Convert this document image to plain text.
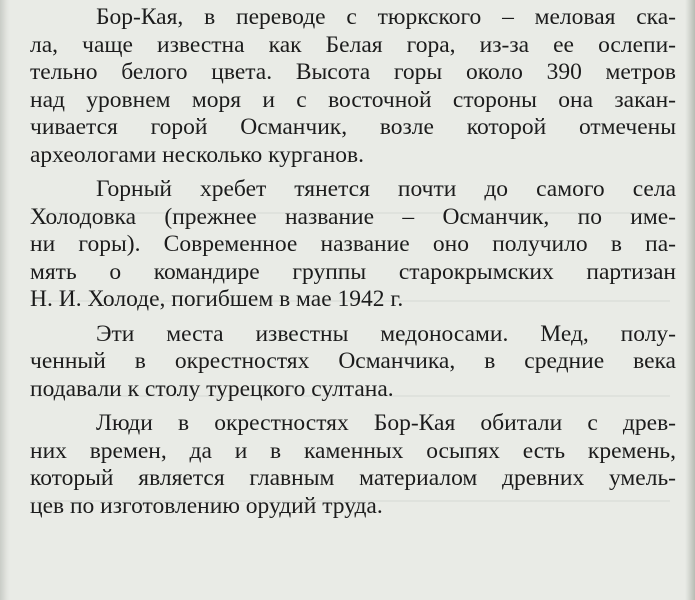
Бор-Кая, в переводе с тюркского – меловая ска-
ла, чаще известна как Белая гора, из-за ее ослепи-
тельно белого цвета. Высота горы около 390 метров
над уровнем моря и с восточной стороны она закан-
чивается горой Османчик, возле которой отмечены
археологами несколько курганов.

Горный хребет тянется почти до самого села
Холодовка (прежнее название – Османчик, по име-
ни горы). Современное название оно получило в па-
мять о командире группы старокрымских партизан
Н. И. Холоде, погибшем в мае 1942 г.

Эти места известны медоносами. Мед, полу-
ченный в окрестностях Османчика, в средние века
подавали к столу турецкого султана.

Люди в окрестностях Бор-Кая обитали с древ-
них времен, да и в каменных осыпях есть кремень,
который является главным материалом древних умель-
цев по изготовлению орудий труда.
